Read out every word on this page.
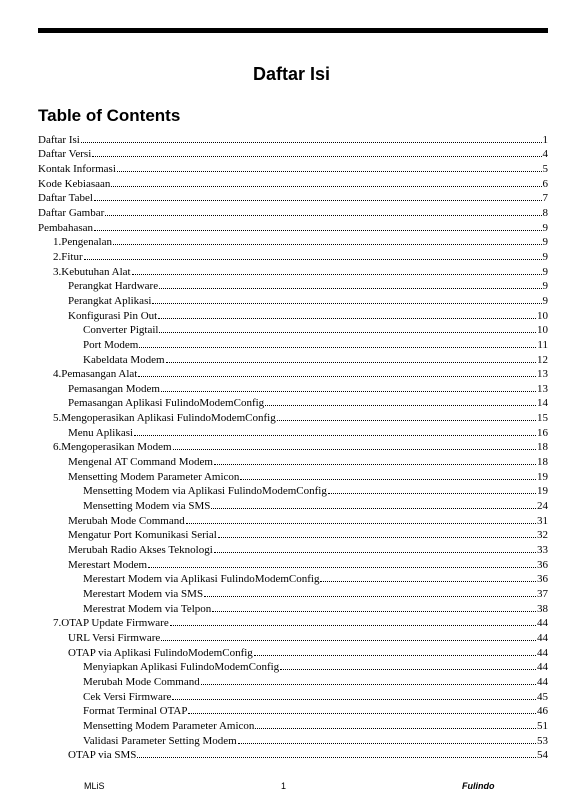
Daftar Isi
Table of Contents
Daftar Isi	1
Daftar Versi	4
Kontak Informasi	5
Kode Kebiasaan	6
Daftar Tabel	7
Daftar Gambar	8
Pembahasan	9
1.Pengenalan	9
2.Fitur	9
3.Kebutuhan Alat	9
Perangkat Hardware	9
Perangkat Aplikasi	9
Konfigurasi Pin Out	10
Converter Pigtail	10
Port Modem	11
Kabeldata Modem	12
4.Pemasangan Alat	13
Pemasangan Modem	13
Pemasangan Aplikasi FulindoModemConfig	14
5.Mengoperasikan Aplikasi FulindoModemConfig	15
Menu Aplikasi	16
6.Mengoperasikan Modem	18
Mengenal AT Command Modem	18
Mensetting Modem Parameter Amicon	19
Mensetting Modem via Aplikasi FulindoModemConfig	19
Mensetting Modem via SMS	24
Merubah Mode Command	31
Mengatur Port Komunikasi Serial	32
Merubah Radio Akses Teknologi	33
Merestart Modem	36
Merestart Modem via Aplikasi FulindoModemConfig	36
Merestart Modem via SMS	37
Merestrat Modem via Telpon	38
7.OTAP Update Firmware	44
URL Versi Firmware	44
OTAP via Aplikasi FulindoModemConfig	44
Menyiapkan Aplikasi FulindoModemConfig	44
Merubah Mode Command	44
Cek Versi Firmware	45
Format Terminal OTAP	46
Mensetting Modem Parameter Amicon	51
Validasi Parameter Setting Modem	53
OTAP via SMS	54
MLiS	1	Fulindo
